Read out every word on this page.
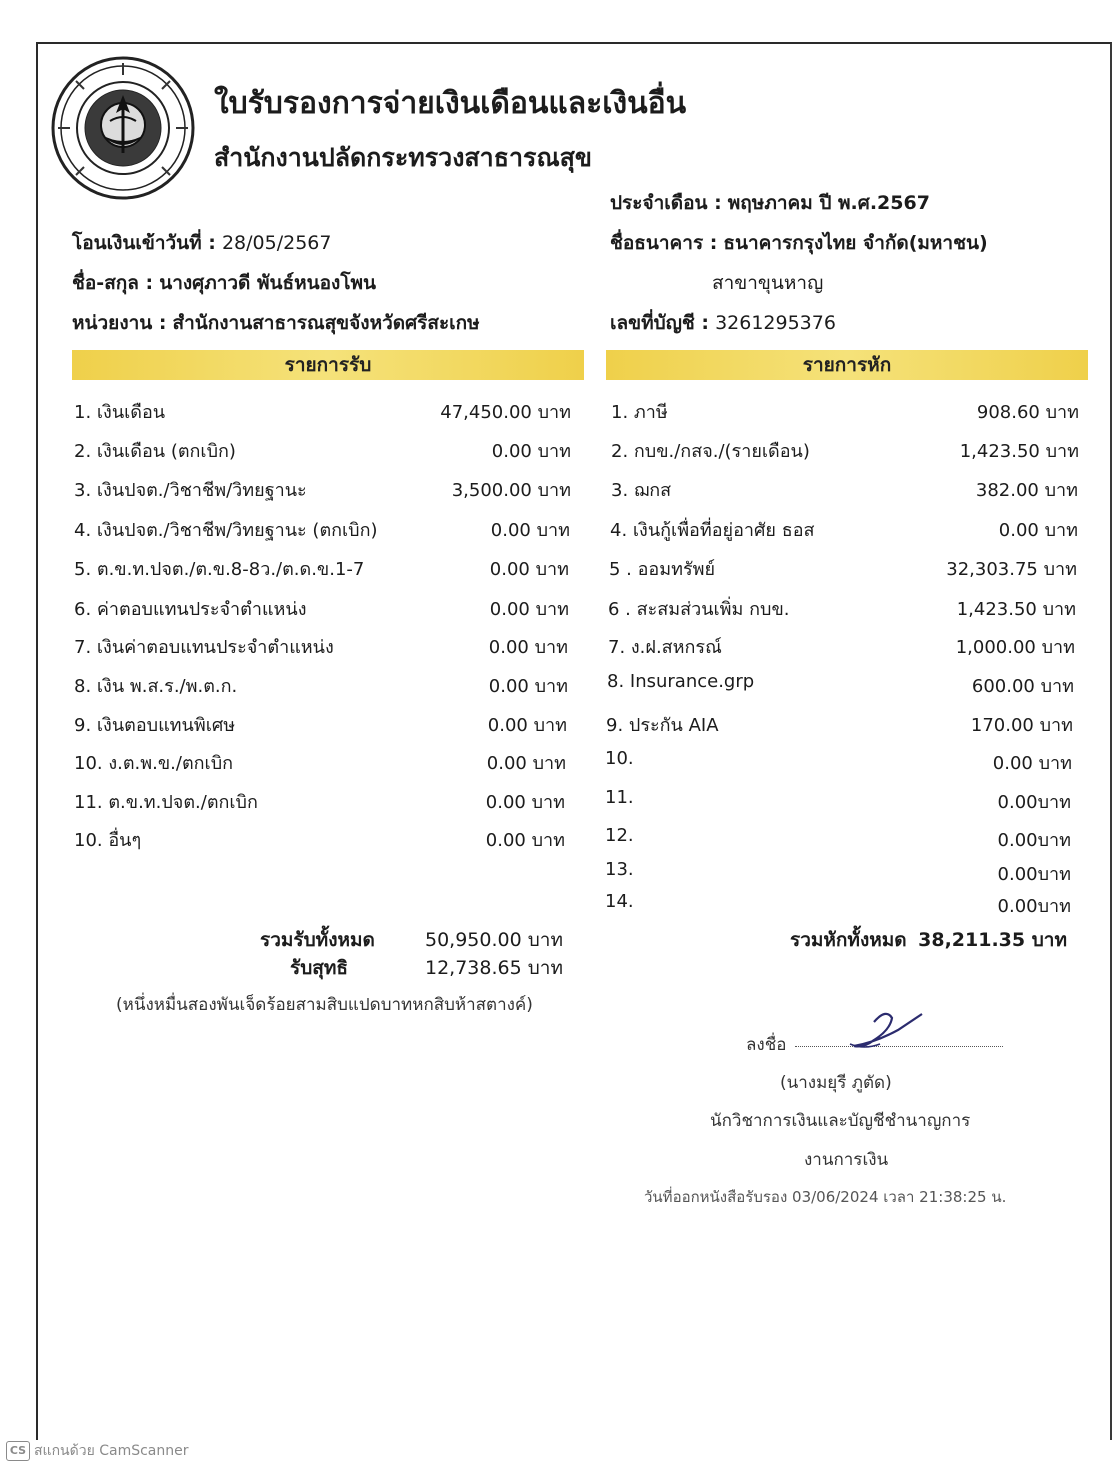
ใบรับรองการจ่ายเงินเดือนและเงินอื่น
สำนักงานปลัดกระทรวงสาธารณสุข
ประจำเดือน : พฤษภาคม ปี พ.ศ.2567
โอนเงินเข้าวันที่ : 28/05/2567	ชื่อธนาคาร : ธนาคารกรุงไทย จำกัด(มหาชน)
ชื่อ-สกุล : นางศุภาวดี พันธ์หนองโพน	สาขาขุนหาญ
หน่วยงาน : สำนักงานสาธารณสุขจังหวัดศรีสะเกษ	เลขที่บัญชี : 3261295376
รายการรับ	รายการหัก
1. เงินเดือน	47,450.00 บาท
2. เงินเดือน (ตกเบิก)	0.00 บาท
3. เงินปจต./วิชาชีพ/วิทยฐานะ	3,500.00 บาท
4. เงินปจต./วิชาชีพ/วิทยฐานะ (ตกเบิก)	0.00 บาท
5. ต.ข.ท.ปจต./ต.ข.8-8ว./ต.ด.ข.1-7	0.00 บาท
6. ค่าตอบแทนประจำตำแหน่ง	0.00 บาท
7. เงินค่าตอบแทนประจำตำแหน่ง	0.00 บาท
8. เงิน พ.ส.ร./พ.ต.ก.	0.00 บาท
9. เงินตอบแทนพิเศษ	0.00 บาท
10. ง.ต.พ.ข./ตกเบิก	0.00 บาท
11. ต.ข.ท.ปจต./ตกเบิก	0.00 บาท
10. อื่นๆ	0.00 บาท
1. ภาษี	908.60 บาท
2. กบข./กสจ./(รายเดือน)	1,423.50 บาท
3. ฌกส	382.00 บาท
4. เงินกู้เพื่อที่อยู่อาศัย ธอส	0.00 บาท
5 . ออมทรัพย์	32,303.75 บาท
6 . สะสมส่วนเพิ่ม กบข.	1,423.50 บาท
7. ง.ฝ.สหกรณ์	1,000.00 บาท
8. Insurance.grp	600.00 บาท
9. ประกัน AIA	170.00 บาท
10.	0.00 บาท
11.	0.00บาท
12.	0.00บาท
13.	0.00บาท
14.	0.00บาท
รวมรับทั้งหมด	50,950.00 บาท
รับสุทธิ	12,738.65 บาท
(หนึ่งหมื่นสองพันเจ็ดร้อยสามสิบแปดบาทหกสิบห้าสตางค์)
รวมหักทั้งหมด 38,211.35 บาท
ลงชื่อ
(นางมยุรี ภูตัด)
นักวิชาการเงินและบัญชีชำนาญการ
งานการเงิน
วันที่ออกหนังสือรับรอง 03/06/2024 เวลา 21:38:25 น.
CS สแกนด้วย CamScanner
